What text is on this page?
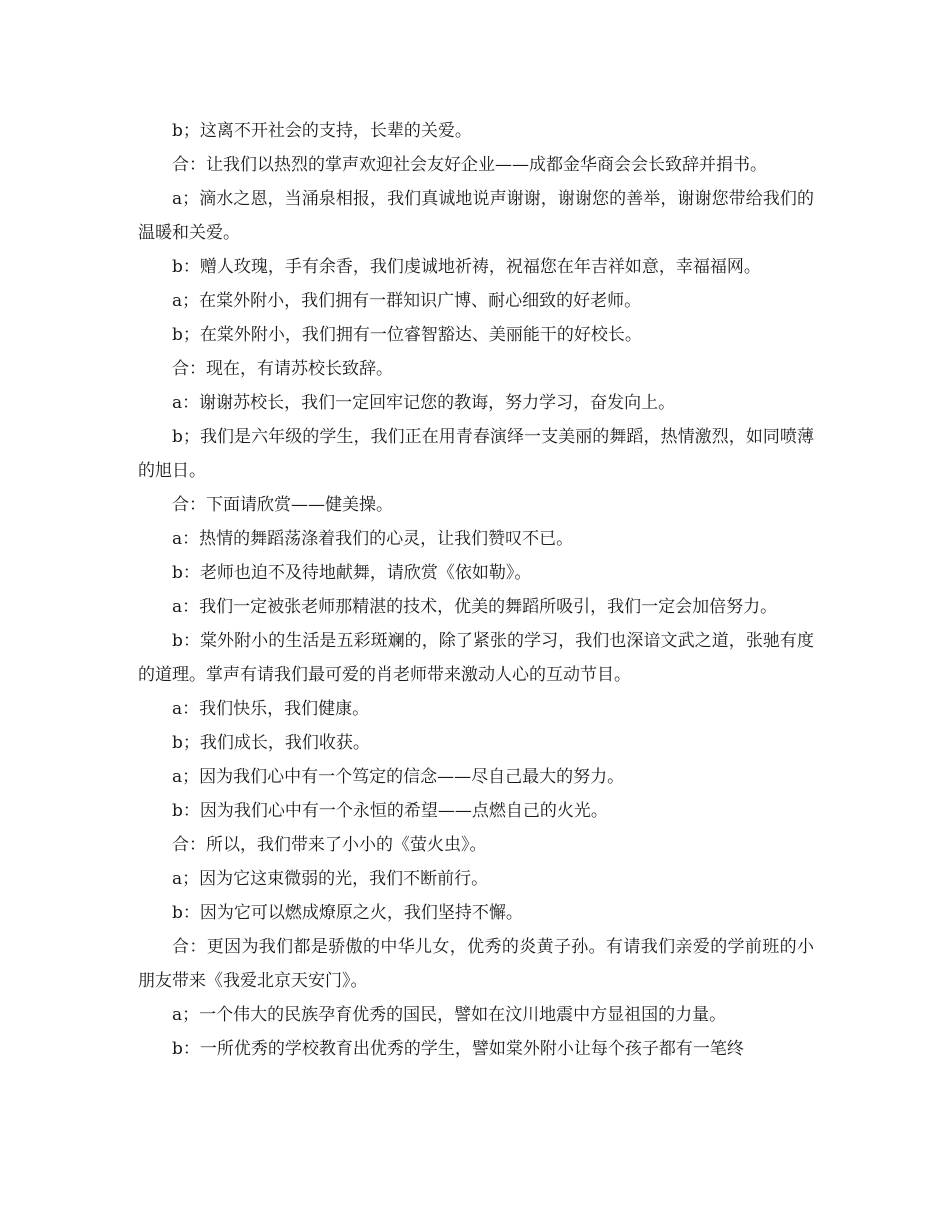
b；这离不开社会的支持，长辈的关爱。

合：让我们以热烈的掌声欢迎社会友好企业——成都金华商会会长致辞并捐书。

a；滴水之恩，当涌泉相报，我们真诚地说声谢谢，谢谢您的善举，谢谢您带给我们的温暖和关爱。

b：赠人玫瑰，手有余香，我们虔诚地祈祷，祝福您在年吉祥如意，幸福福网。

a；在棠外附小，我们拥有一群知识广博、耐心细致的好老师。

b；在棠外附小，我们拥有一位睿智豁达、美丽能干的好校长。

合：现在，有请苏校长致辞。

a：谢谢苏校长，我们一定回牢记您的教诲，努力学习，奋发向上。

b；我们是六年级的学生，我们正在用青春演绎一支美丽的舞蹈，热情激烈，如同喷薄的旭日。

合：下面请欣赏——健美操。

a：热情的舞蹈荡涤着我们的心灵，让我们赞叹不已。

b：老师也迫不及待地献舞，请欣赏《依如勒》。

a：我们一定被张老师那精湛的技术，优美的舞蹈所吸引，我们一定会加倍努力。

b：棠外附小的生活是五彩斑斓的，除了紧张的学习，我们也深谙文武之道，张驰有度的道理。掌声有请我们最可爱的肖老师带来激动人心的互动节目。

a：我们快乐，我们健康。

b；我们成长，我们收获。

a；因为我们心中有一个笃定的信念——尽自己最大的努力。

b：因为我们心中有一个永恒的希望——点燃自己的火光。

合：所以，我们带来了小小的《萤火虫》。

a；因为它这束微弱的光，我们不断前行。

b：因为它可以燃成燎原之火，我们坚持不懈。

合：更因为我们都是骄傲的中华儿女，优秀的炎黄子孙。有请我们亲爱的学前班的小朋友带来《我爱北京天安门》。

a；一个伟大的民族孕育优秀的国民，譬如在汶川地震中方显祖国的力量。

b：一所优秀的学校教育出优秀的学生，譬如棠外附小让每个孩子都有一笔终
